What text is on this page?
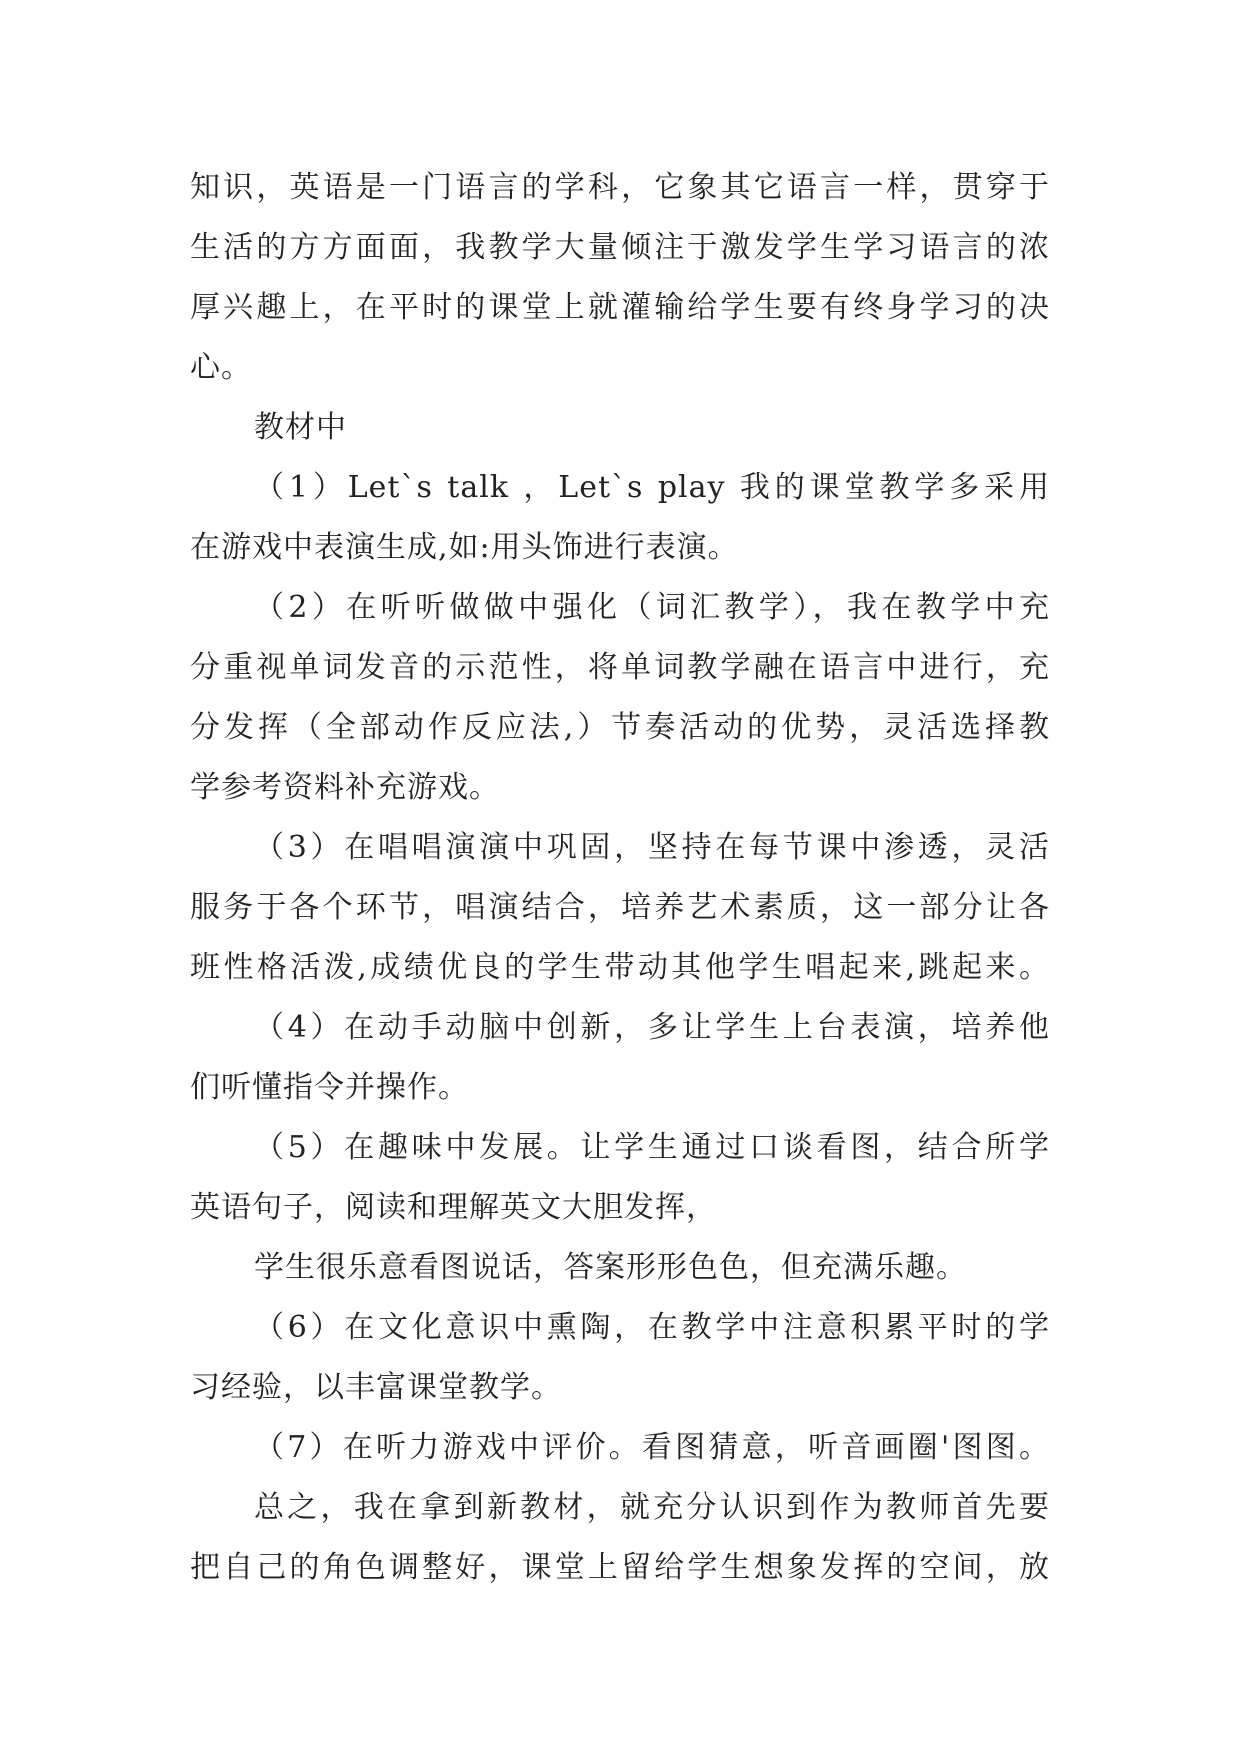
知识，英语是一门语言的学科，它象其它语言一样，贯穿于
生活的方方面面，我教学大量倾注于激发学生学习语言的浓
厚兴趣上，在平时的课堂上就灌输给学生要有终身学习的决
心。
教材中
（1）Let`s talk ，Let`s play 我的课堂教学多采用
在游戏中表演生成,如:用头饰进行表演。
（2）在听听做做中强化（词汇教学），我在教学中充
分重视单词发音的示范性，将单词教学融在语言中进行，充
分发挥（全部动作反应法,）节奏活动的优势，灵活选择教
学参考资料补充游戏。
（3）在唱唱演演中巩固，坚持在每节课中渗透，灵活
服务于各个环节，唱演结合，培养艺术素质，这一部分让各
班性格活泼,成绩优良的学生带动其他学生唱起来,跳起来。
（4）在动手动脑中创新，多让学生上台表演，培养他
们听懂指令并操作。
（5）在趣味中发展。让学生通过口谈看图，结合所学
英语句子，阅读和理解英文大胆发挥，
学生很乐意看图说话，答案形形色色，但充满乐趣。
（6）在文化意识中熏陶，在教学中注意积累平时的学
习经验，以丰富课堂教学。
（7）在听力游戏中评价。看图猜意，听音画圈'图图。
总之，我在拿到新教材，就充分认识到作为教师首先要
把自己的角色调整好，课堂上留给学生想象发挥的空间，放
